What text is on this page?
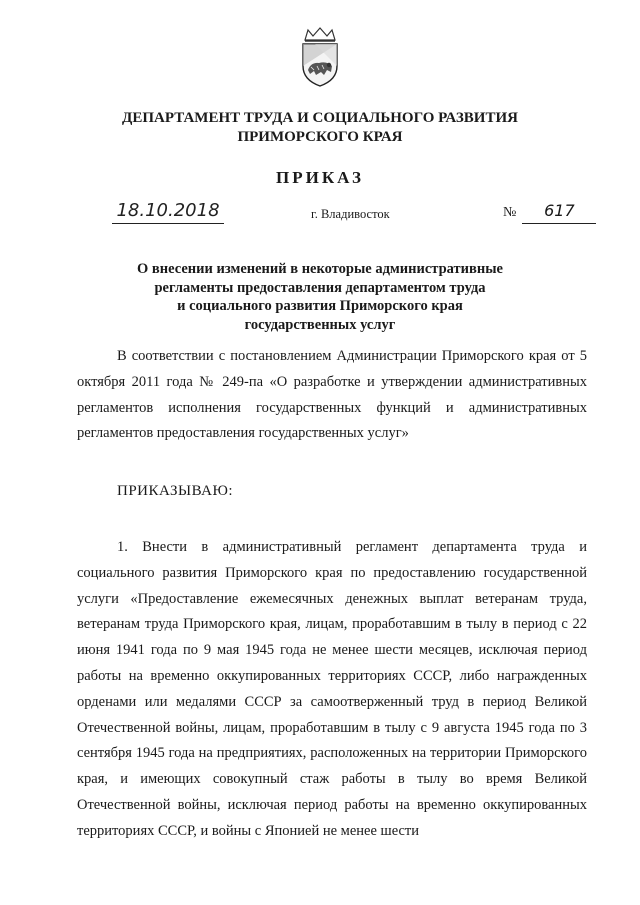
ДЕПАРТАМЕНТ ТРУДА И СОЦИАЛЬНОГО РАЗВИТИЯ
ПРИМОРСКОГО КРАЯ
ПРИКАЗ
18.10.2018	г. Владивосток	№ 617
О внесении изменений в некоторые административные
регламенты предоставления департаментом труда
и социального развития Приморского края
государственных услуг

В соответствии с постановлением Администрации Приморского края от 5 октября 2011 года № 249-па «О разработке и утверждении административных регламентов исполнения государственных функций и административных регламентов предоставления государственных услуг»

ПРИКАЗЫВАЮ:

1. Внести в административный регламент департамента труда и социального развития Приморского края по предоставлению государственной услуги «Предоставление ежемесячных денежных выплат ветеранам труда, ветеранам труда Приморского края, лицам, проработавшим в тылу в период с 22 июня 1941 года по 9 мая 1945 года не менее шести месяцев, исключая период работы на временно оккупированных территориях СССР, либо награжденных орденами или медалями СССР за самоотверженный труд в период Великой Отечественной войны, лицам, проработавшим в тылу с 9 августа 1945 года по 3 сентября 1945 года на предприятиях, расположенных на территории Приморского края, и имеющих совокупный стаж работы в тылу во время Великой Отечественной войны, исключая период работы на временно оккупированных территориях СССР, и войны с Японией не менее шести
